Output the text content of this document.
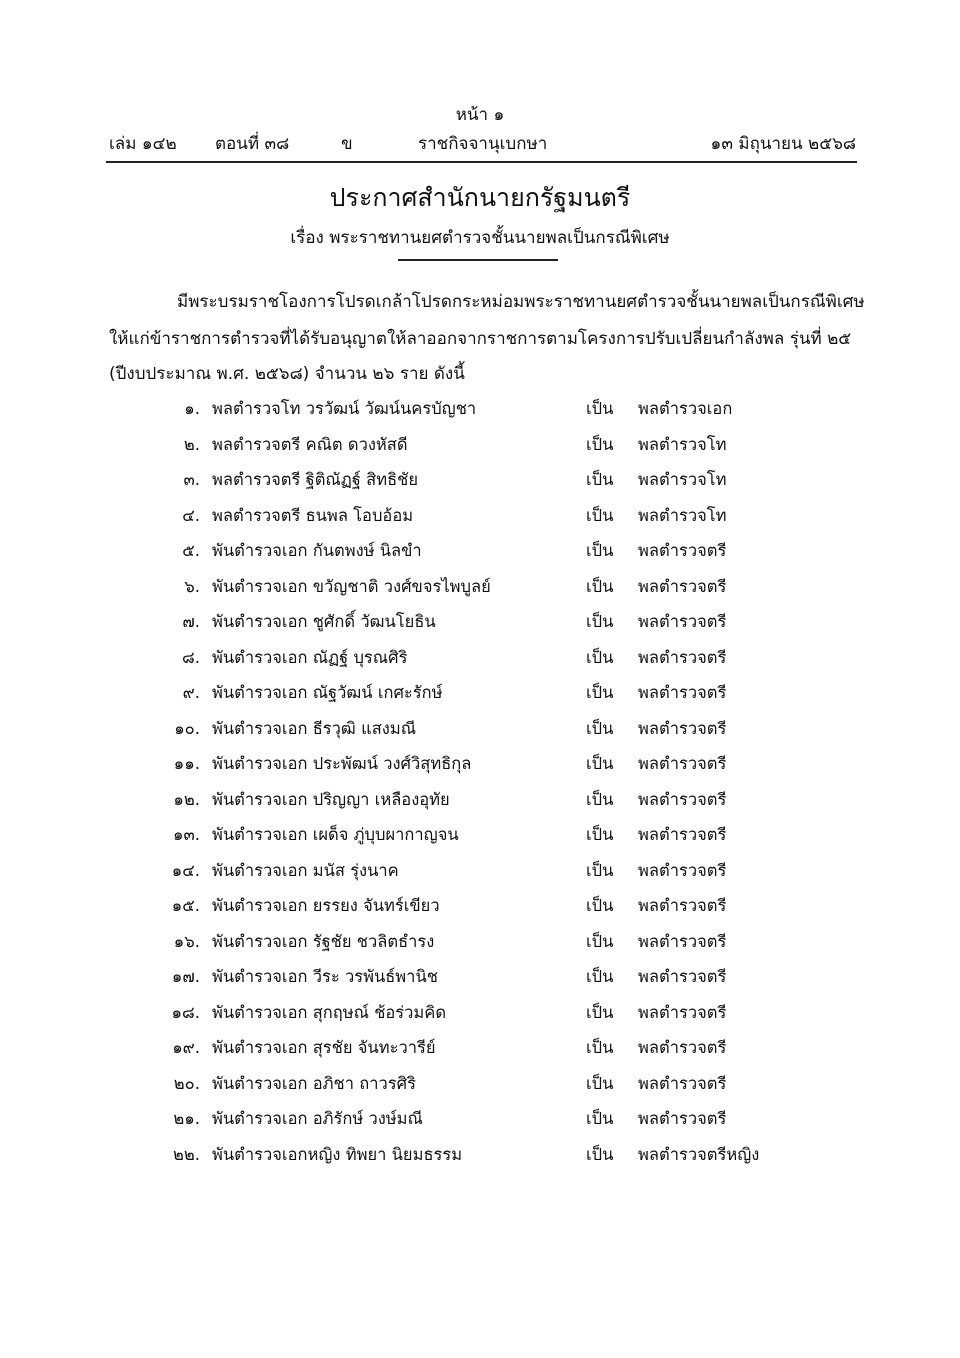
หน้า ๑
เล่ม ๑๔๒ ตอนที่ ๓๘	ข	ราชกิจจานุเบกษา	๑๓ มิถุนายน ๒๕๖๘
ประกาศสำนักนายกรัฐมนตรี
เรื่อง พระราชทานยศตำรวจชั้นนายพลเป็นกรณีพิเศษ
มีพระบรมราชโองการโปรดเกล้าโปรดกระหม่อมพระราชทานยศตำรวจชั้นนายพลเป็นกรณีพิเศษ
ให้แก่ข้าราชการตำรวจที่ได้รับอนุญาตให้ลาออกจากราชการตามโครงการปรับเปลี่ยนกำลังพล รุ่นที่ ๒๕
(ปีงบประมาณ พ.ศ. ๒๕๖๘) จำนวน ๒๖ ราย ดังนี้
๑. พลตำรวจโท วรวัฒน์ วัฒน์นครบัญชา	เป็น พลตำรวจเอก
๒. พลตำรวจตรี คณิต ดวงหัสดี	เป็น พลตำรวจโท
๓. พลตำรวจตรี ฐิติณัฏฐ์ สิทธิชัย	เป็น พลตำรวจโท
๔. พลตำรวจตรี ธนพล โอบอ้อม	เป็น พลตำรวจโท
๕. พันตำรวจเอก กันตพงษ์ นิลขำ	เป็น พลตำรวจตรี
๖. พันตำรวจเอก ขวัญชาติ วงศ์ขจรไพบูลย์	เป็น พลตำรวจตรี
๗. พันตำรวจเอก ชูศักดิ์ วัฒนโยธิน	เป็น พลตำรวจตรี
๘. พันตำรวจเอก ณัฏฐ์ บุรณศิริ	เป็น พลตำรวจตรี
๙. พันตำรวจเอก ณัฐวัฒน์ เกศะรักษ์	เป็น พลตำรวจตรี
๑๐. พันตำรวจเอก ธีรวุฒิ แสงมณี	เป็น พลตำรวจตรี
๑๑. พันตำรวจเอก ประพัฒน์ วงศ์วิสุทธิกุล	เป็น พลตำรวจตรี
๑๒. พันตำรวจเอก ปริญญา เหลืองอุทัย	เป็น พลตำรวจตรี
๑๓. พันตำรวจเอก เผด็จ ภู่บุบผากาญจน	เป็น พลตำรวจตรี
๑๔. พันตำรวจเอก มนัส รุ่งนาค	เป็น พลตำรวจตรี
๑๕. พันตำรวจเอก ยรรยง จันทร์เขียว	เป็น พลตำรวจตรี
๑๖. พันตำรวจเอก รัฐชัย ชวลิตธำรง	เป็น พลตำรวจตรี
๑๗. พันตำรวจเอก วีระ วรพันธ์พานิช	เป็น พลตำรวจตรี
๑๘. พันตำรวจเอก สุกฤษณ์ ช้อร่วมคิด	เป็น พลตำรวจตรี
๑๙. พันตำรวจเอก สุรชัย จันทะวารีย์	เป็น พลตำรวจตรี
๒๐. พันตำรวจเอก อภิชา ถาวรศิริ	เป็น พลตำรวจตรี
๒๑. พันตำรวจเอก อภิรักษ์ วงษ์มณี	เป็น พลตำรวจตรี
๒๒. พันตำรวจเอกหญิง ทิพยา นิยมธรรม	เป็น พลตำรวจตรีหญิง
